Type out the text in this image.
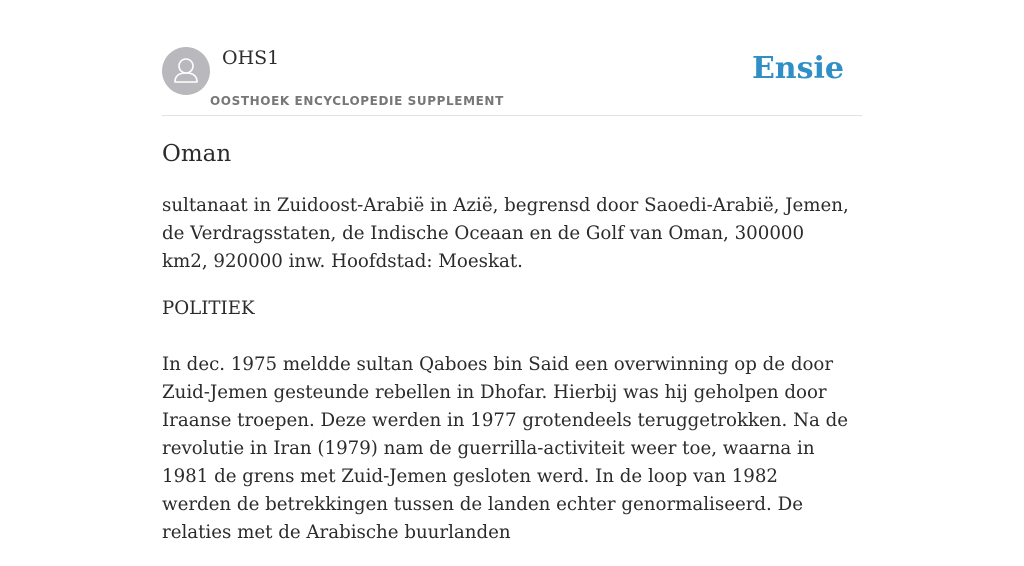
OHS1
OOSTHOEK ENCYCLOPEDIE SUPPLEMENT
Ensie
Oman

sultanaat in Zuidoost-Arabië in Azië, begrensd door Saoedi-Arabië, Jemen, de Verdragsstaten, de Indische Oceaan en de Golf van Oman, 300000 km2, 920000 inw. Hoofdstad: Moeskat.

POLITIEK

In dec. 1975 meldde sultan Qaboes bin Said een overwinning op de door Zuid-Jemen gesteunde rebellen in Dhofar. Hierbij was hij geholpen door Iraanse troepen. Deze werden in 1977 grotendeels teruggetrokken. Na de revolutie in Iran (1979) nam de guerrilla-activiteit weer toe, waarna in 1981 de grens met Zuid-Jemen gesloten werd. In de loop van 1982 werden de betrekkingen tussen de landen echter genormaliseerd. De relaties met de Arabische buurlanden
